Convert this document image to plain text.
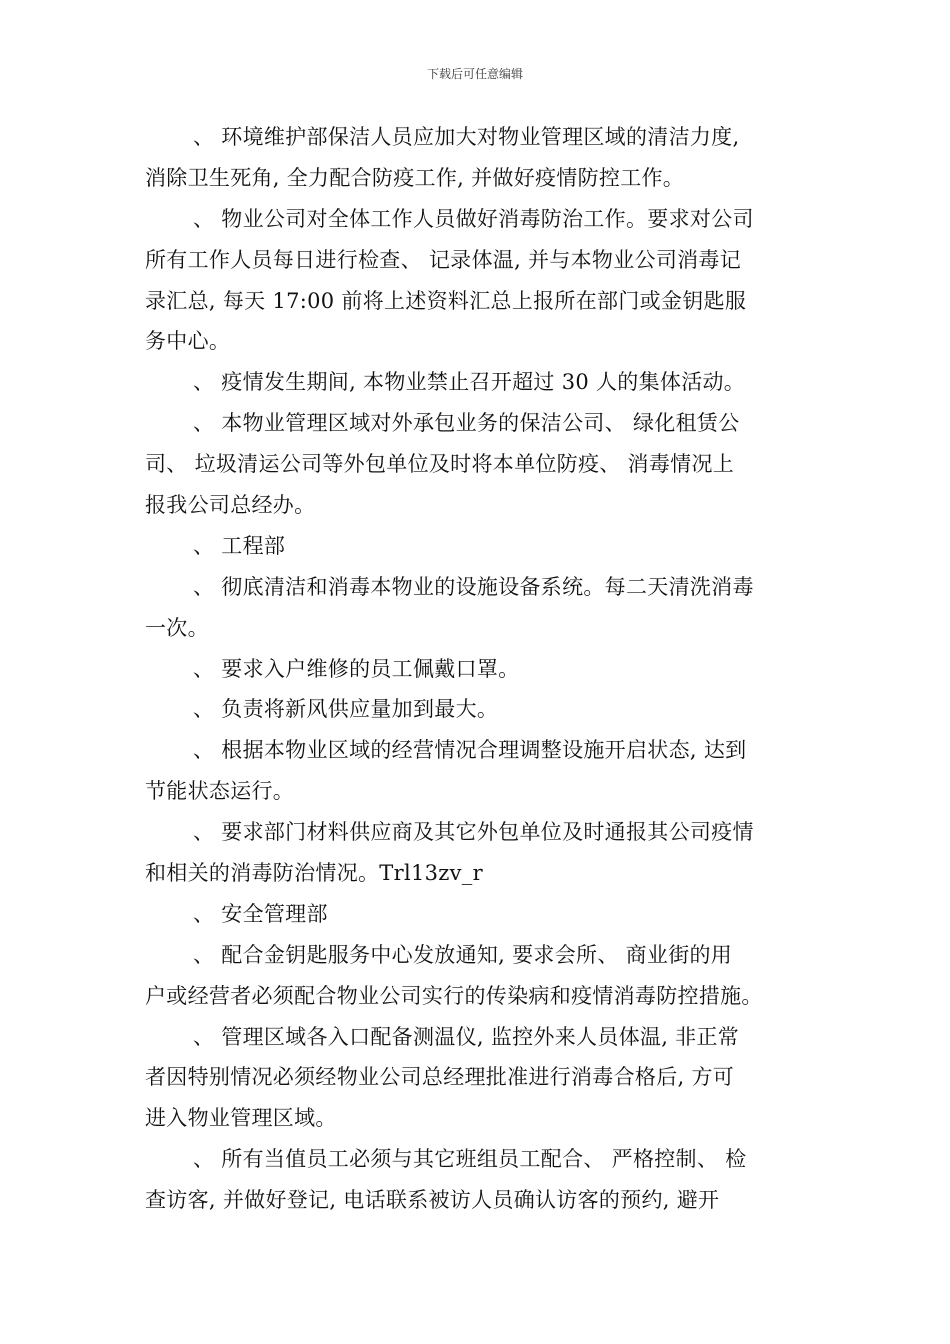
下载后可任意编辑
、 环境维护部保洁人员应加大对物业管理区域的清洁力度,
消除卫生死角, 全力配合防疫工作, 并做好疫情防控工作。
、 物业公司对全体工作人员做好消毒防治工作。要求对公司
所有工作人员每日进行检查、 记录体温, 并与本物业公司消毒记
录汇总, 每天 17:00 前将上述资料汇总上报所在部门或金钥匙服
务中心。
、 疫情发生期间, 本物业禁止召开超过 30 人的集体活动。
、 本物业管理区域对外承包业务的保洁公司、 绿化租赁公
司、 垃圾清运公司等外包单位及时将本单位防疫、 消毒情况上
报我公司总经办。
、 工程部
、 彻底清洁和消毒本物业的设施设备系统。每二天清洗消毒
一次。
、 要求入户维修的员工佩戴口罩。
、 负责将新风供应量加到最大。
、 根据本物业区域的经营情况合理调整设施开启状态, 达到
节能状态运行。
、 要求部门材料供应商及其它外包单位及时通报其公司疫情
和相关的消毒防治情况。Trl13zv_r
、 安全管理部
、 配合金钥匙服务中心发放通知, 要求会所、 商业街的用
户或经营者必须配合物业公司实行的传染病和疫情消毒防控措施。
、 管理区域各入口配备测温仪, 监控外来人员体温, 非正常
者因特别情况必须经物业公司总经理批准进行消毒合格后, 方可
进入物业管理区域。
、 所有当值员工必须与其它班组员工配合、 严格控制、 检
查访客, 并做好登记, 电话联系被访人员确认访客的预约, 避开
